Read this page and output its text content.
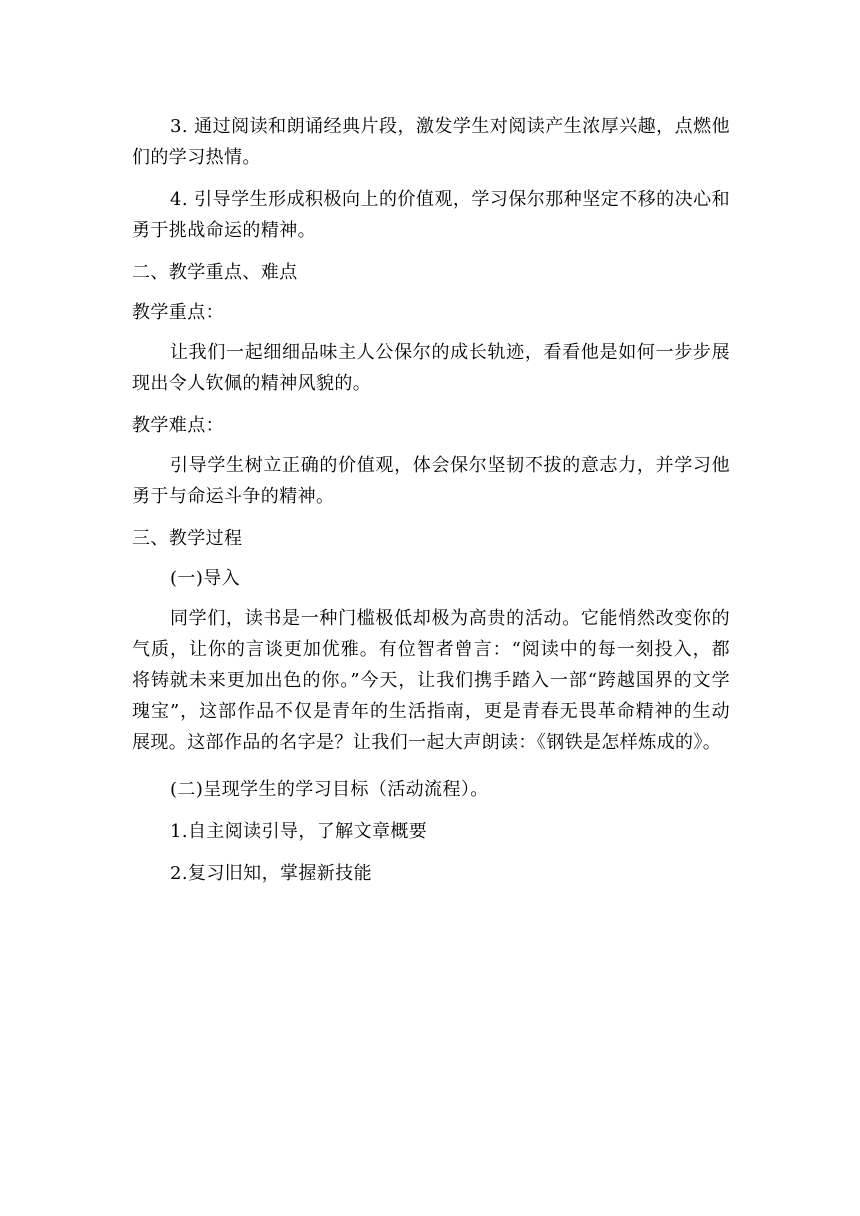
3. 通过阅读和朗诵经典片段，激发学生对阅读产生浓厚兴趣，点燃他们的学习热情。

4. 引导学生形成积极向上的价值观，学习保尔那种坚定不移的决心和勇于挑战命运的精神。

二、教学重点、难点

教学重点：

让我们一起细细品味主人公保尔的成长轨迹，看看他是如何一步步展现出令人钦佩的精神风貌的。

教学难点：

引导学生树立正确的价值观，体会保尔坚韧不拔的意志力，并学习他勇于与命运斗争的精神。

三、教学过程

(一)导入

同学们，读书是一种门槛极低却极为高贵的活动。它能悄然改变你的气质，让你的言谈更加优雅。有位智者曾言：“阅读中的每一刻投入，都将铸就未来更加出色的你。”今天，让我们携手踏入一部“跨越国界的文学瑰宝”，这部作品不仅是青年的生活指南，更是青春无畏革命精神的生动展现。这部作品的名字是？让我们一起大声朗读：《钢铁是怎样炼成的》。

(二)呈现学生的学习目标（活动流程）。

1.自主阅读引导，了解文章概要

2.复习旧知，掌握新技能
